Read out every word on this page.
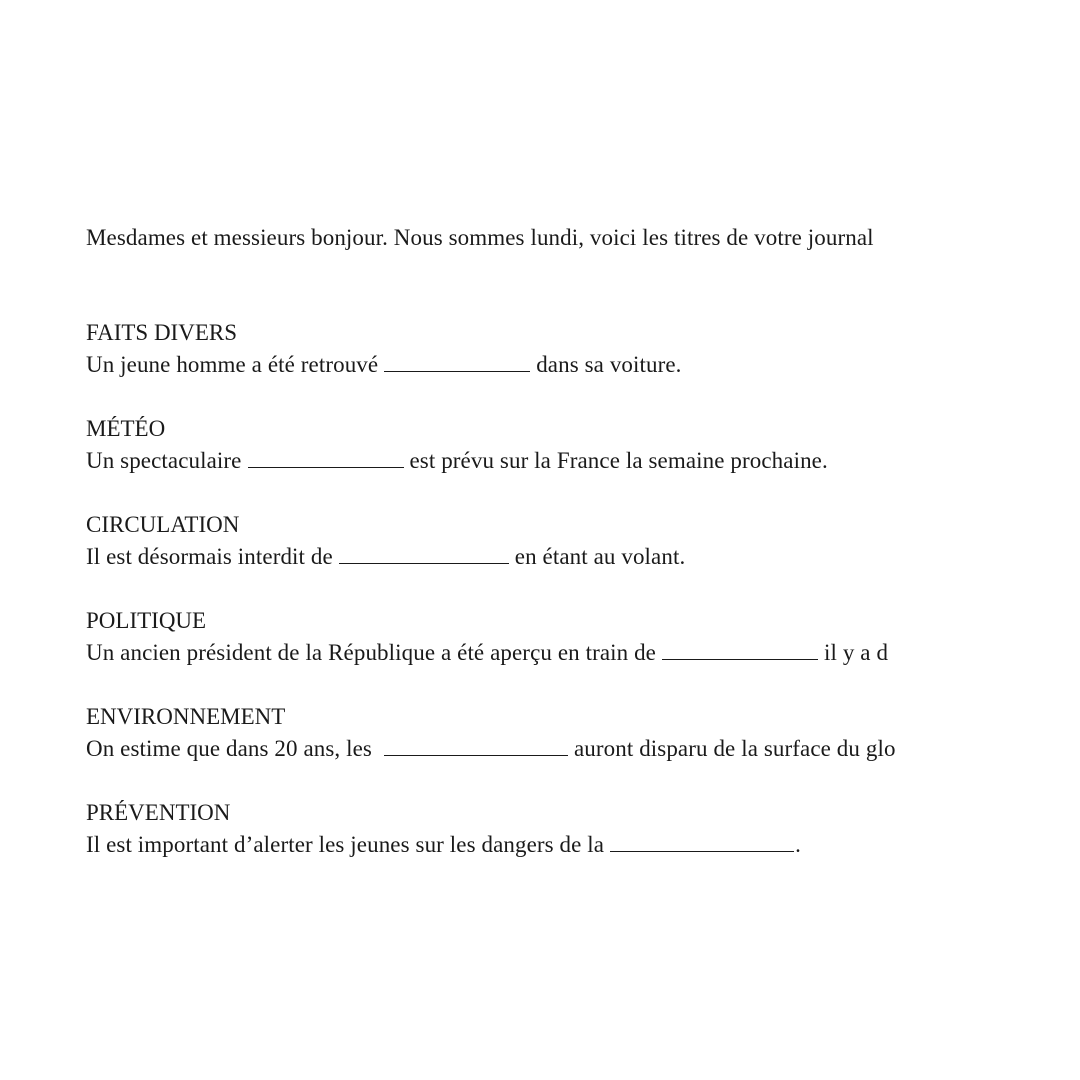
Mesdames et messieurs bonjour. Nous sommes lundi, voici les titres de votre journal
FAITS DIVERS
Un jeune homme a été retrouvé	dans sa voiture.
MÉTÉO
Un spectaculaire	est prévu sur la France la semaine prochaine.
CIRCULATION
Il est désormais interdit de	en étant au volant.
POLITIQUE
Un ancien président de la République a été aperçu en train de	il y a d
ENVIRONNEMENT
On estime que dans 20 ans, les	auront disparu de la surface du glo
PRÉVENTION
Il est important d’alerter les jeunes sur les dangers de la	.
